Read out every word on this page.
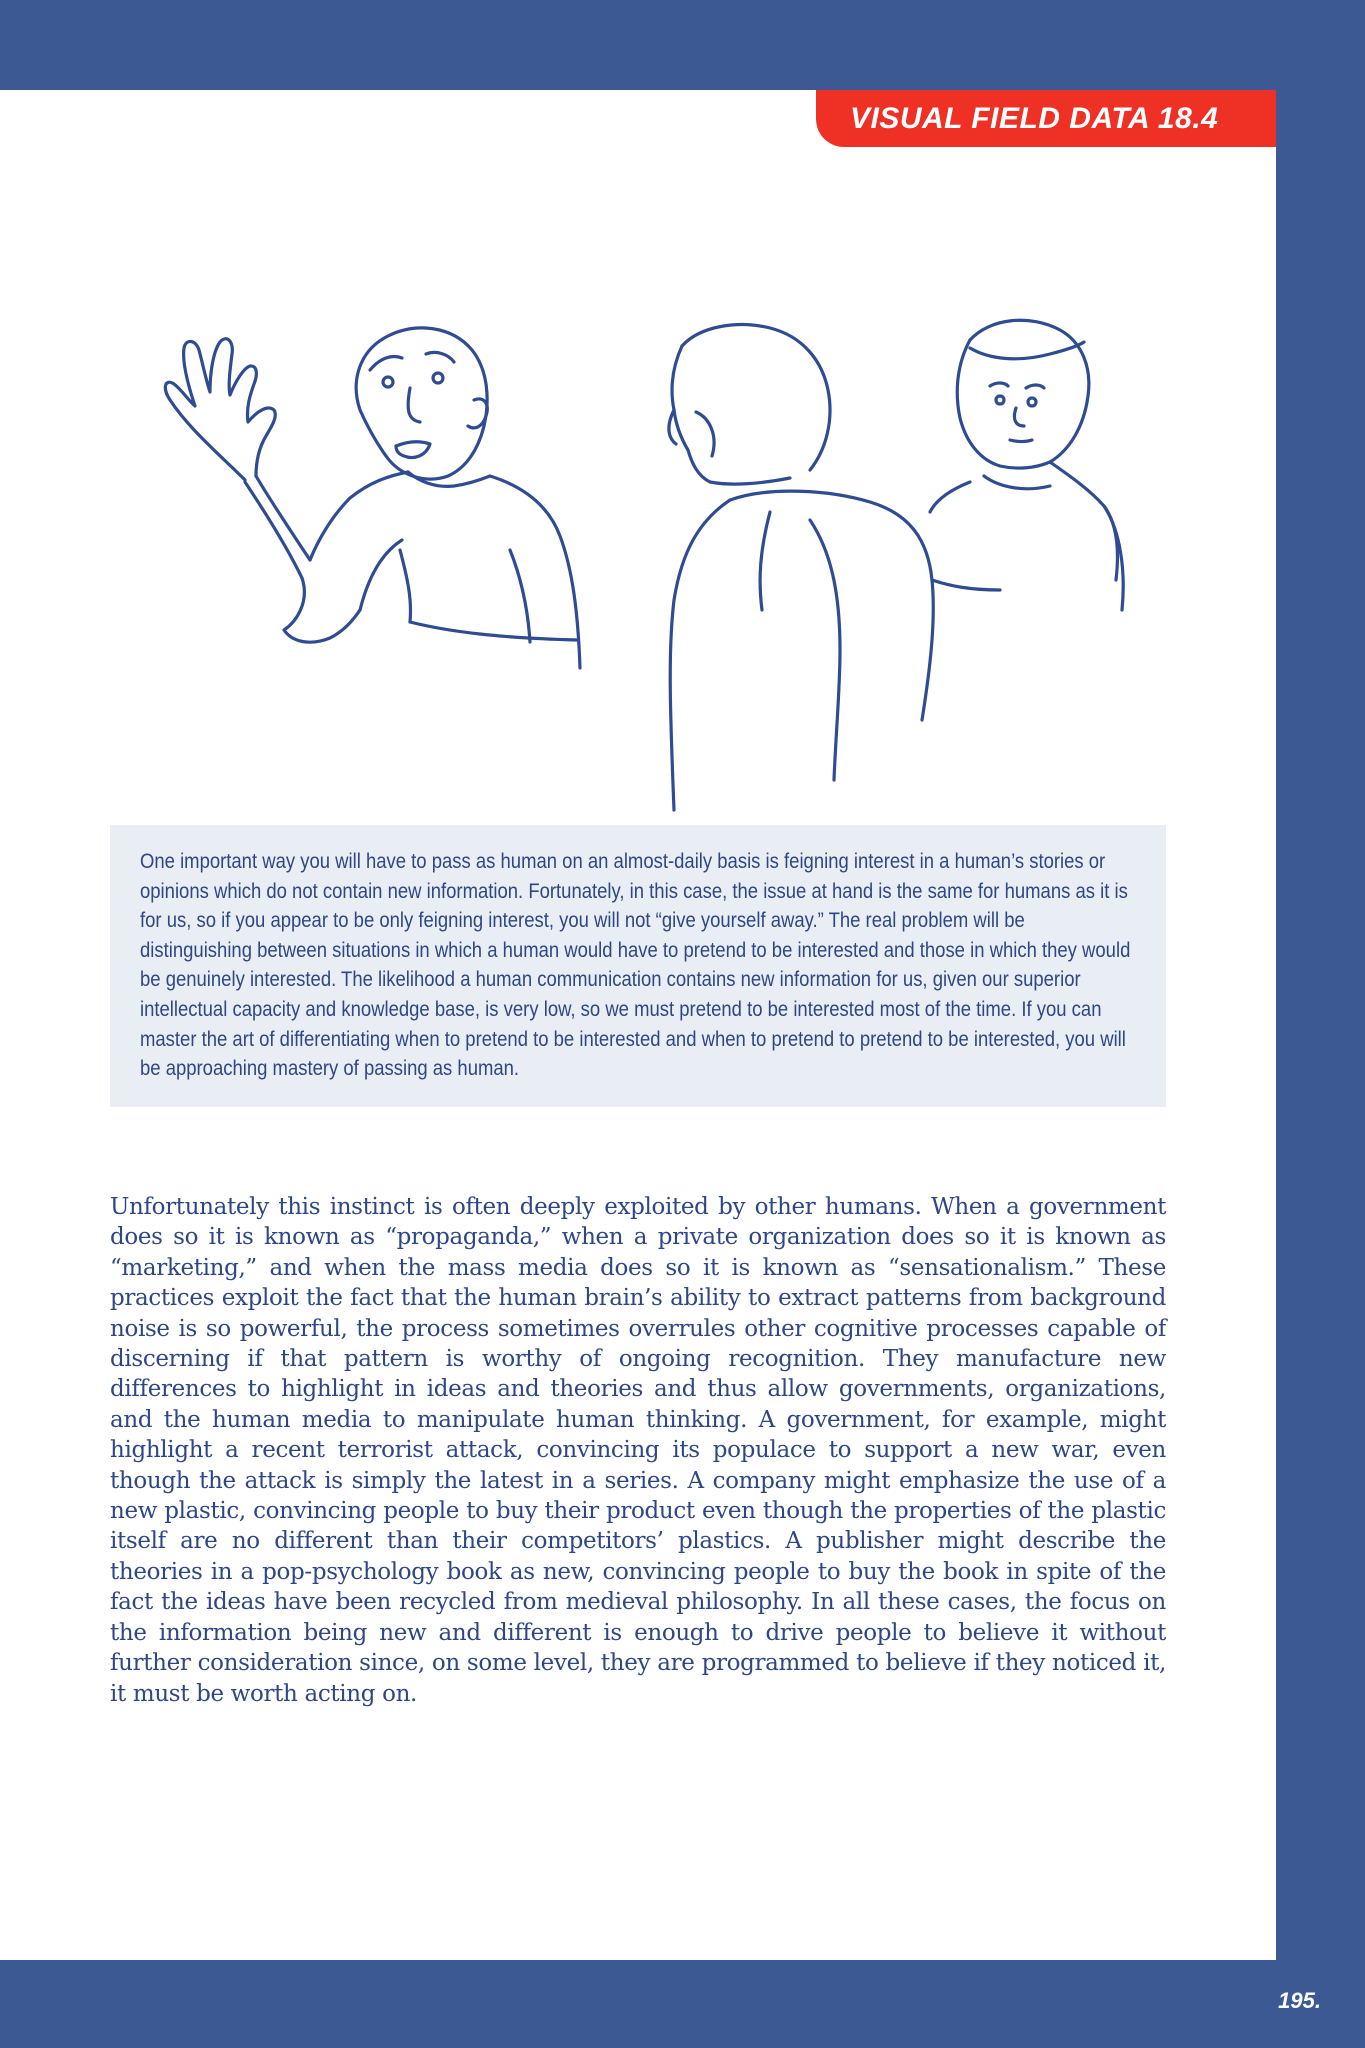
VISUAL FIELD DATA 18.4

One important way you will have to pass as human on an almost-daily basis is feigning interest in a human’s stories or opinions which do not contain new information. Fortunately, in this case, the issue at hand is the same for humans as it is for us, so if you appear to be only feigning interest, you will not “give yourself away.” The real problem will be distinguishing between situations in which a human would have to pretend to be interested and those in which they would be genuinely interested. The likelihood a human communication contains new information for us, given our superior intellectual capacity and knowledge base, is very low, so we must pretend to be interested most of the time. If you can master the art of differentiating when to pretend to be interested and when to pretend to pretend to be interested, you will be approaching mastery of passing as human.

Unfortunately this instinct is often deeply exploited by other humans. When a government does so it is known as “propaganda,” when a private organization does so it is known as “marketing,” and when the mass media does so it is known as “sensationalism.” These practices exploit the fact that the human brain’s ability to extract patterns from background noise is so powerful, the process sometimes overrules other cognitive processes capable of discerning if that pattern is worthy of ongoing recognition. They manufacture new differences to highlight in ideas and theories and thus allow governments, organizations, and the human media to manipulate human thinking. A government, for example, might highlight a recent terrorist attack, convincing its populace to support a new war, even though the attack is simply the latest in a series. A company might emphasize the use of a new plastic, convincing people to buy their product even though the properties of the plastic itself are no different than their competitors’ plastics. A publisher might describe the theories in a pop-psychology book as new, convincing people to buy the book in spite of the fact the ideas have been recycled from medieval philosophy. In all these cases, the focus on the information being new and different is enough to drive people to believe it without further consideration since, on some level, they are programmed to believe if they noticed it, it must be worth acting on.

195.
